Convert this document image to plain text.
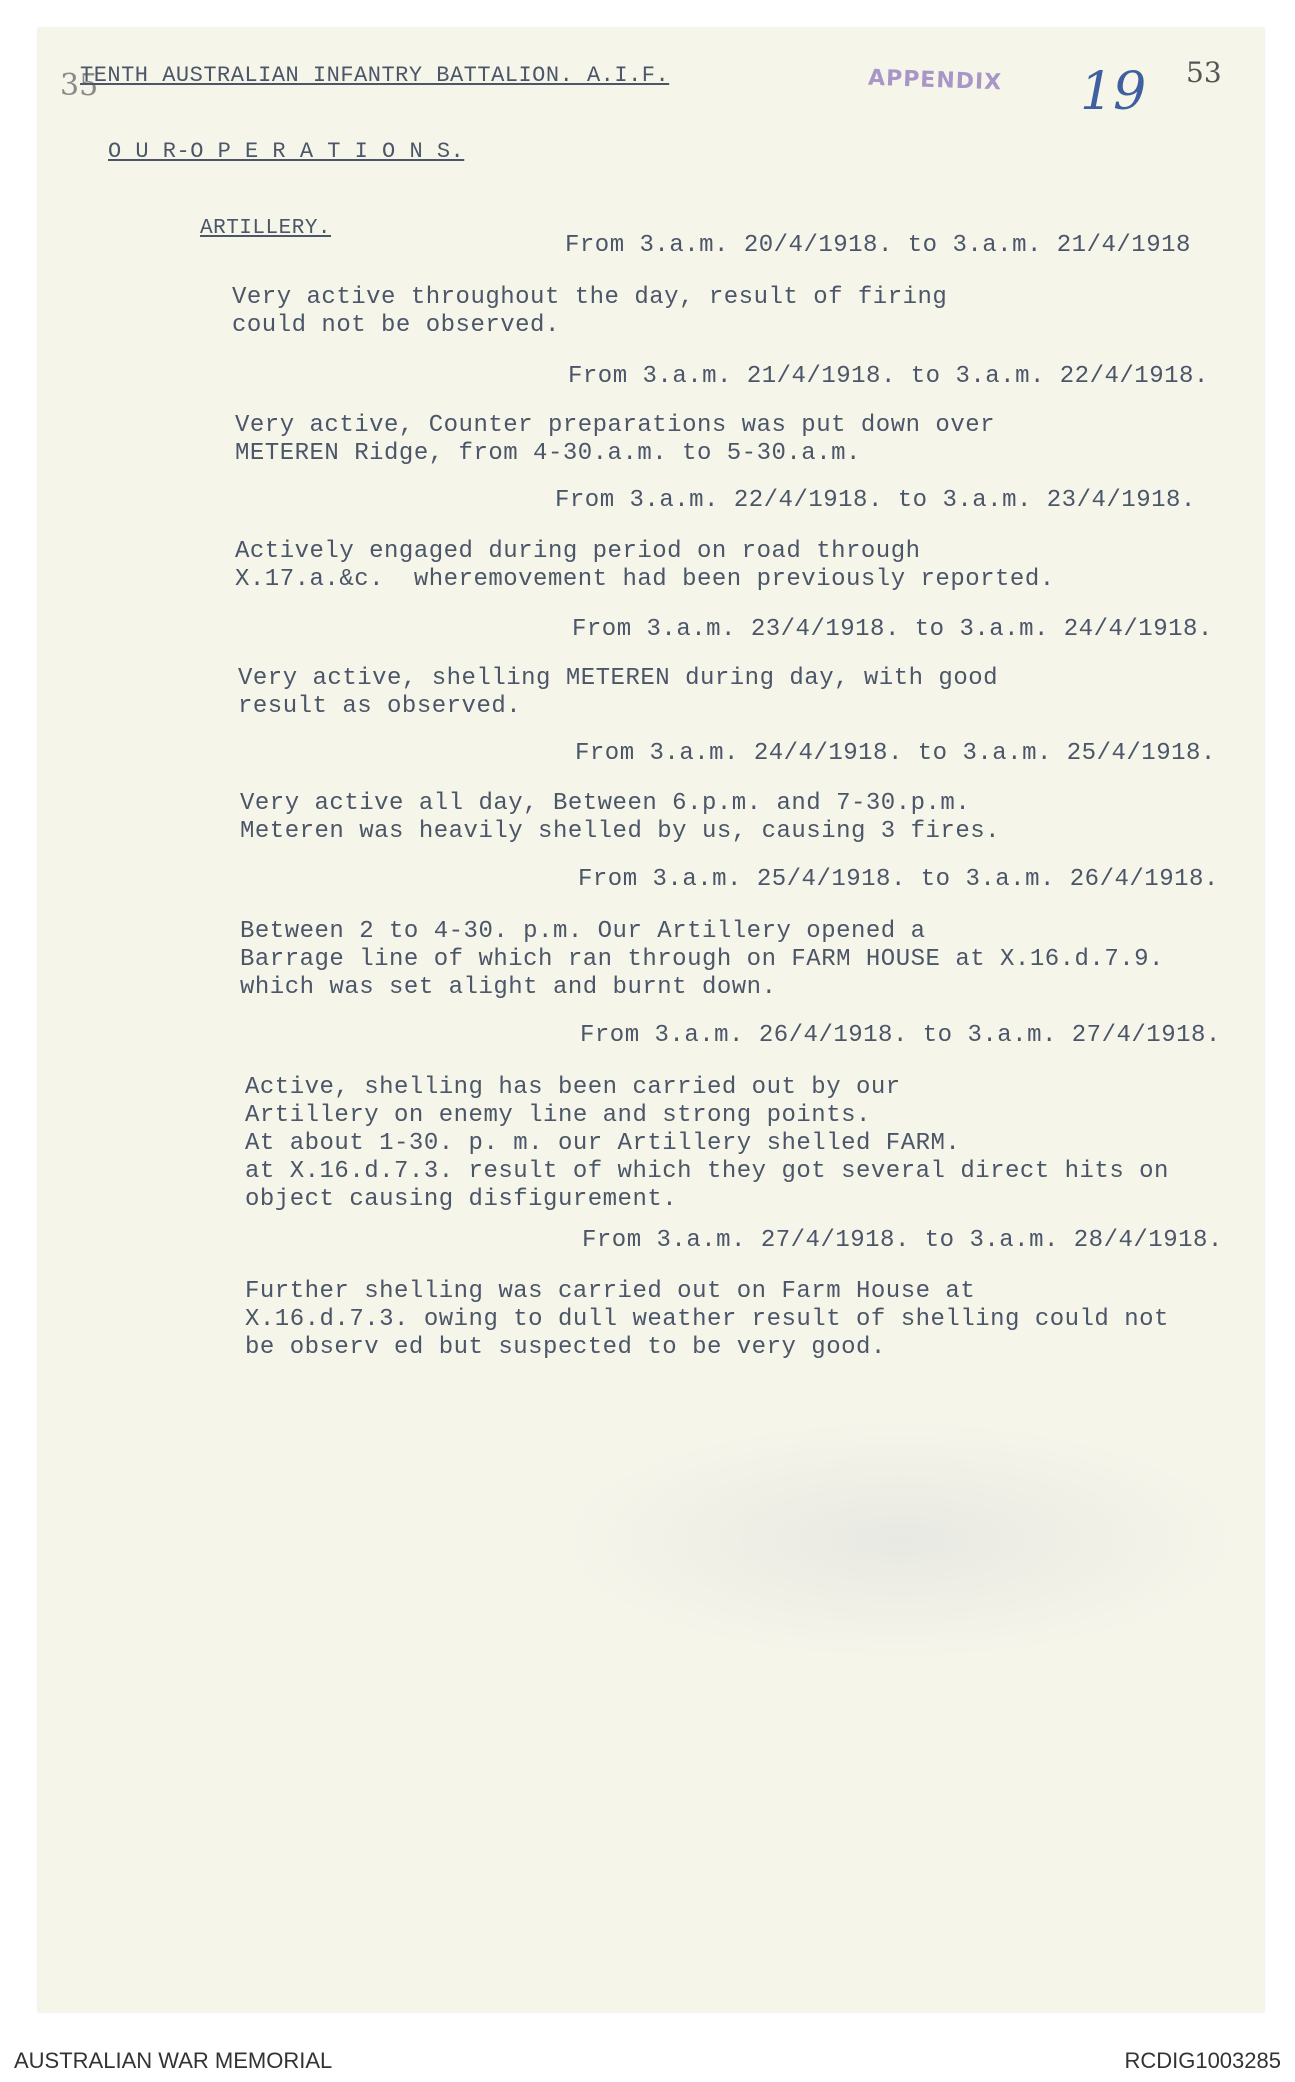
35
TENTH AUSTRALIAN INFANTRY BATTALION. A.I.F.	APPENDIX 19 53
O U R-O P E R A T I O N S.
ARTILLERY.
From 3.a.m. 20/4/1918. to 3.a.m. 21/4/1918
Very active throughout the day, result of firing
could not be observed.
From 3.a.m. 21/4/1918. to 3.a.m. 22/4/1918.
Very active, Counter preparations was put down over
METEREN Ridge, from 4-30.a.m. to 5-30.a.m.
From 3.a.m. 22/4/1918. to 3.a.m. 23/4/1918.
Actively engaged during period on road through
X.17.a.&c.  wheremovement had been previously reported.
From 3.a.m. 23/4/1918. to 3.a.m. 24/4/1918.
Very active, shelling METEREN during day, with good
result as observed.
From 3.a.m. 24/4/1918. to 3.a.m. 25/4/1918.
Very active all day, Between 6.p.m. and 7-30.p.m.
Meteren was heavily shelled by us, causing 3 fires.
From 3.a.m. 25/4/1918. to 3.a.m. 26/4/1918.
Between 2 to 4-30. p.m. Our Artillery opened a
Barrage line of which ran through on FARM HOUSE at X.16.d.7.9.
which was set alight and burnt down.
From 3.a.m. 26/4/1918. to 3.a.m. 27/4/1918.
Active, shelling has been carried out by our
Artillery on enemy line and strong points.
At about 1-30. p. m. our Artillery shelled FARM.
at X.16.d.7.3. result of which they got several direct hits on
object causing disfigurement.
From 3.a.m. 27/4/1918. to 3.a.m. 28/4/1918.
Further shelling was carried out on Farm House at
X.16.d.7.3. owing to dull weather result of shelling could not
be observ ed but suspected to be very good.
AUSTRALIAN WAR MEMORIAL	RCDIG1003285
